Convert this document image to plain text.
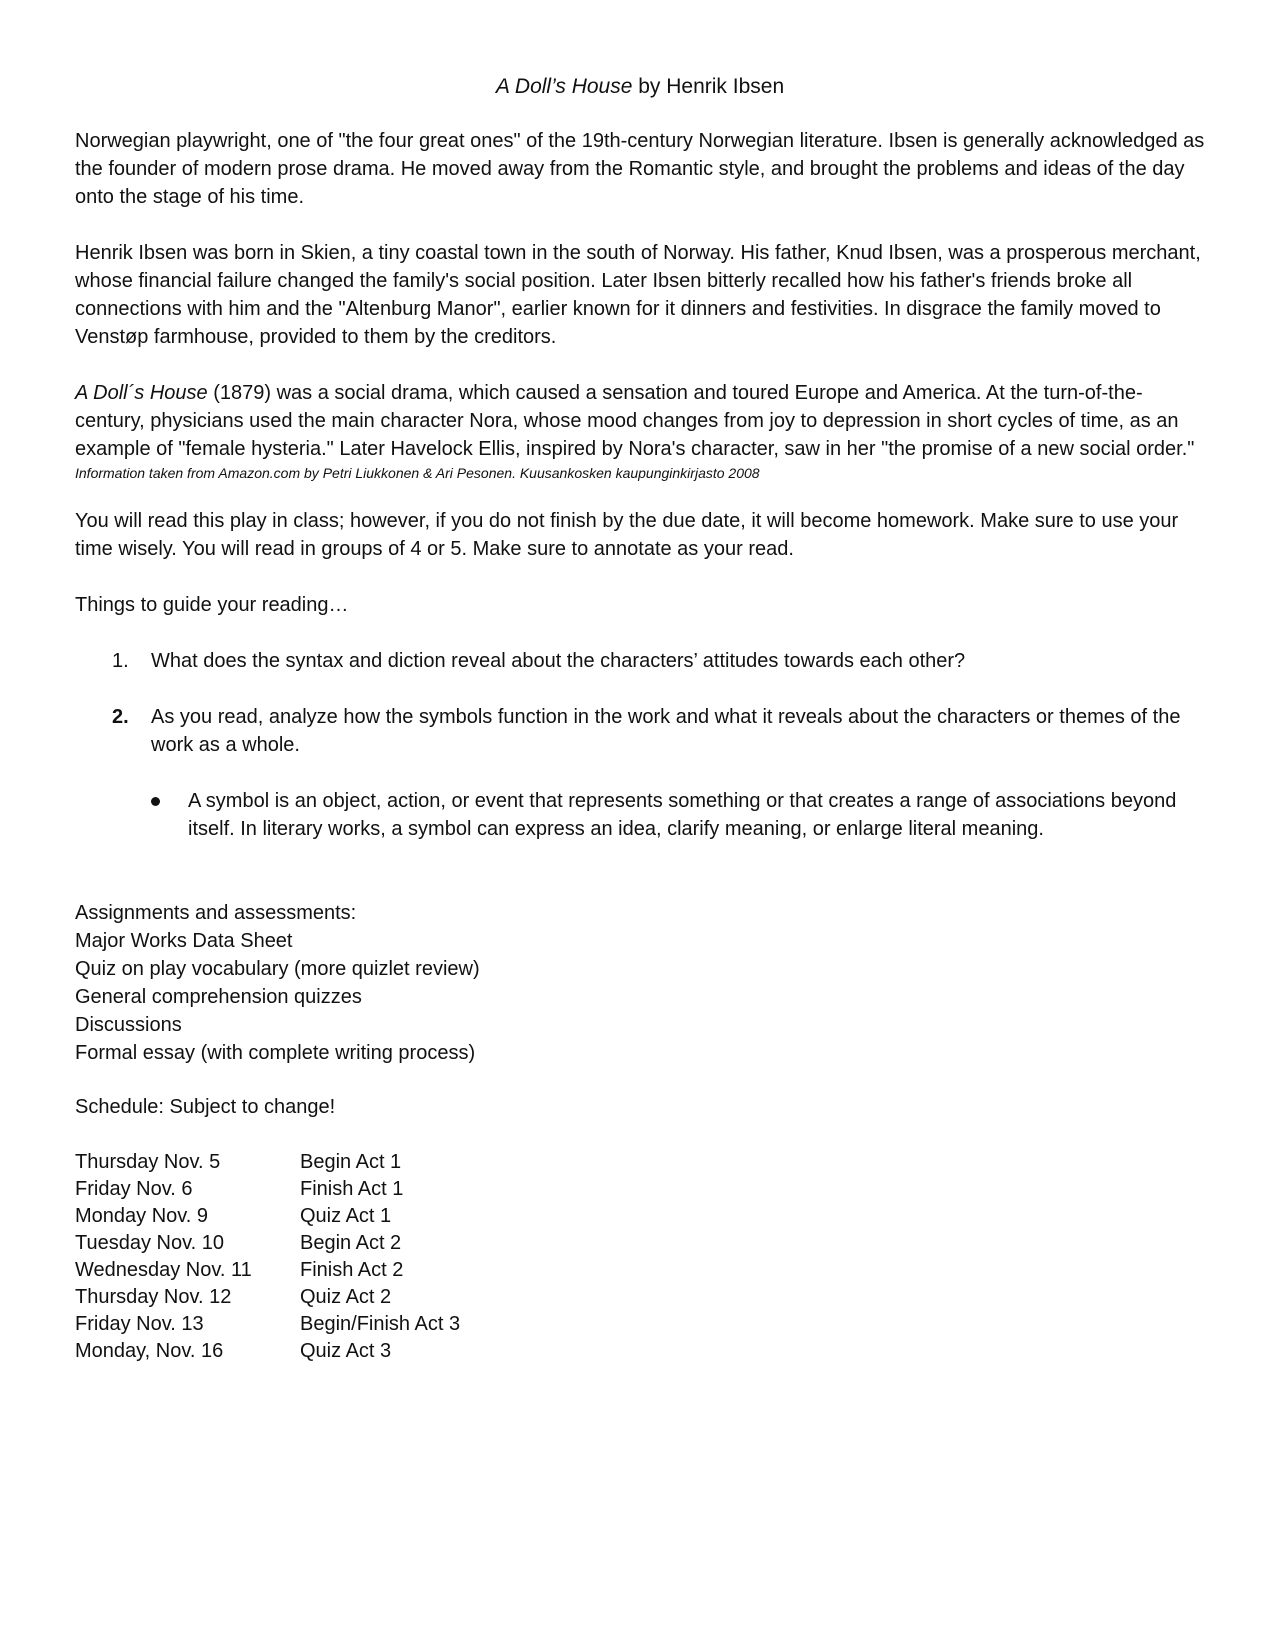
A Doll’s House by Henrik Ibsen

Norwegian playwright, one of "the four great ones" of the 19th-century Norwegian literature. Ibsen is generally acknowledged as the founder of modern prose drama. He moved away from the Romantic style, and brought the problems and ideas of the day onto the stage of his time.

Henrik Ibsen was born in Skien, a tiny coastal town in the south of Norway. His father, Knud Ibsen, was a prosperous merchant, whose financial failure changed the family's social position. Later Ibsen bitterly recalled how his father's friends broke all connections with him and the "Altenburg Manor", earlier known for it dinners and festivities. In disgrace the family moved to Venstøp farmhouse, provided to them by the creditors.

A Doll´s House (1879) was a social drama, which caused a sensation and toured Europe and America. At the turn-of-the-century, physicians used the main character Nora, whose mood changes from joy to depression in short cycles of time, as an example of "female hysteria." Later Havelock Ellis, inspired by Nora's character, saw in her "the promise of a new social order."

Information taken from Amazon.com by Petri Liukkonen & Ari Pesonen. Kuusankosken kaupunginkirjasto 2008

You will read this play in class; however, if you do not finish by the due date, it will become homework. Make sure to use your time wisely. You will read in groups of 4 or 5. Make sure to annotate as your read.

Things to guide your reading…

1. What does the syntax and diction reveal about the characters’ attitudes towards each other?
2. As you read, analyze how the symbols function in the work and what it reveals about the characters or themes of the work as a whole.
A symbol is an object, action, or event that represents something or that creates a range of associations beyond itself. In literary works, a symbol can express an idea, clarify meaning, or enlarge literal meaning.
Assignments and assessments:
Major Works Data Sheet
Quiz on play vocabulary (more quizlet review)
General comprehension quizzes
Discussions
Formal essay (with complete writing process)

Schedule: Subject to change!

Thursday Nov. 5	Begin Act 1
Friday Nov. 6	Finish Act 1
Monday Nov. 9	Quiz Act 1
Tuesday Nov. 10	Begin Act 2
Wednesday Nov. 11	Finish Act 2
Thursday Nov. 12	Quiz Act 2
Friday Nov. 13	Begin/Finish Act 3
Monday, Nov. 16	Quiz Act 3
